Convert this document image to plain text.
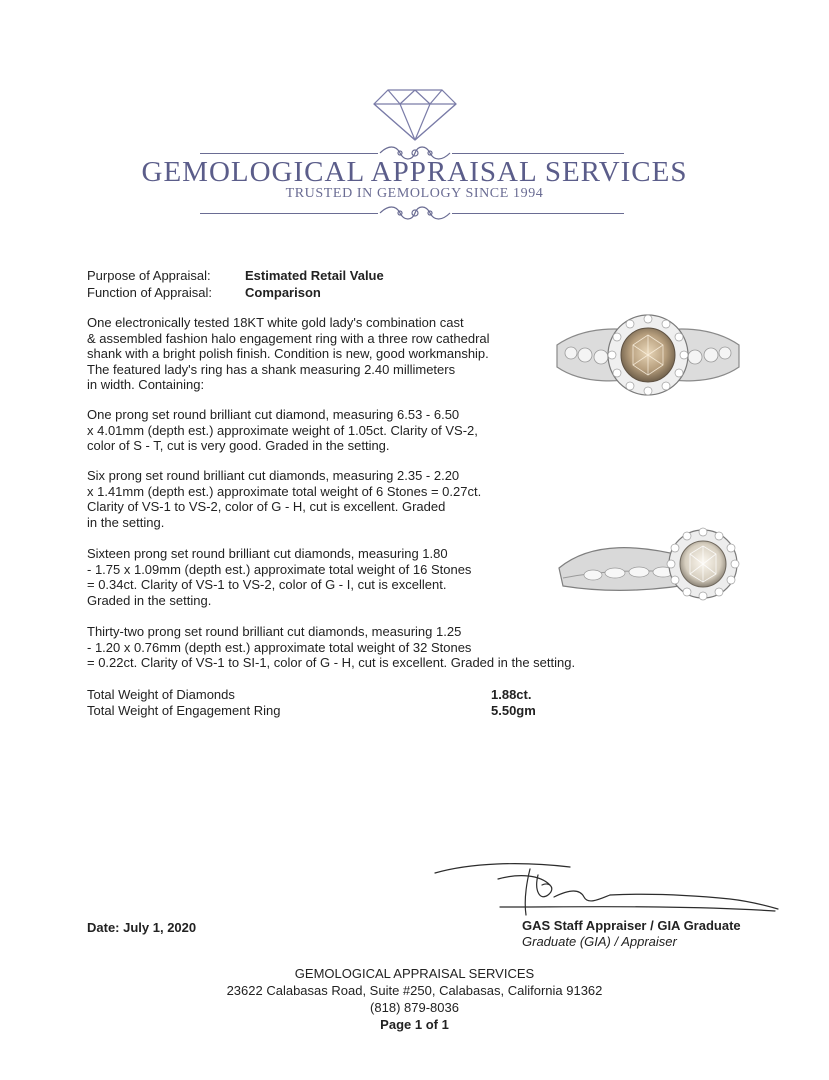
GEMOLOGICAL APPRAISAL SERVICES
TRUSTED IN GEMOLOGY SINCE 1994
Purpose of Appraisal:	Estimated Retail Value
Function of Appraisal:	Comparison
One electronically tested 18KT white gold lady's combination cast
& assembled fashion halo engagement ring with a three row cathedral
shank with a bright polish finish. Condition is new, good workmanship.
The featured lady's ring has a shank measuring 2.40 millimeters
in width. Containing:
One prong set round brilliant cut diamond, measuring 6.53 - 6.50
x 4.01mm (depth est.) approximate weight of 1.05ct. Clarity of VS-2,
color of S - T, cut is very good. Graded in the setting.
Six prong set round brilliant cut diamonds, measuring 2.35 - 2.20
x 1.41mm (depth est.) approximate total weight of 6 Stones = 0.27ct.
Clarity of VS-1 to VS-2, color of G - H, cut is excellent. Graded
in the setting.
Sixteen prong set round brilliant cut diamonds, measuring 1.80
- 1.75 x 1.09mm (depth est.) approximate total weight of 16 Stones
= 0.34ct. Clarity of VS-1 to VS-2, color of G - I, cut is excellent.
Graded in the setting.
Thirty-two prong set round brilliant cut diamonds, measuring 1.25
- 1.20 x 0.76mm (depth est.) approximate total weight of 32 Stones
= 0.22ct. Clarity of VS-1 to SI-1, color of G - H, cut is excellent. Graded in the setting.
Total Weight of Diamonds	1.88ct.
Total Weight of Engagement Ring	5.50gm
Date: July 1, 2020	GAS Staff Appraiser / GIA Graduate
Graduate (GIA) / Appraiser
GEMOLOGICAL APPRAISAL SERVICES
23622 Calabasas Road, Suite #250, Calabasas, California 91362
(818) 879-8036
Page 1 of 1
